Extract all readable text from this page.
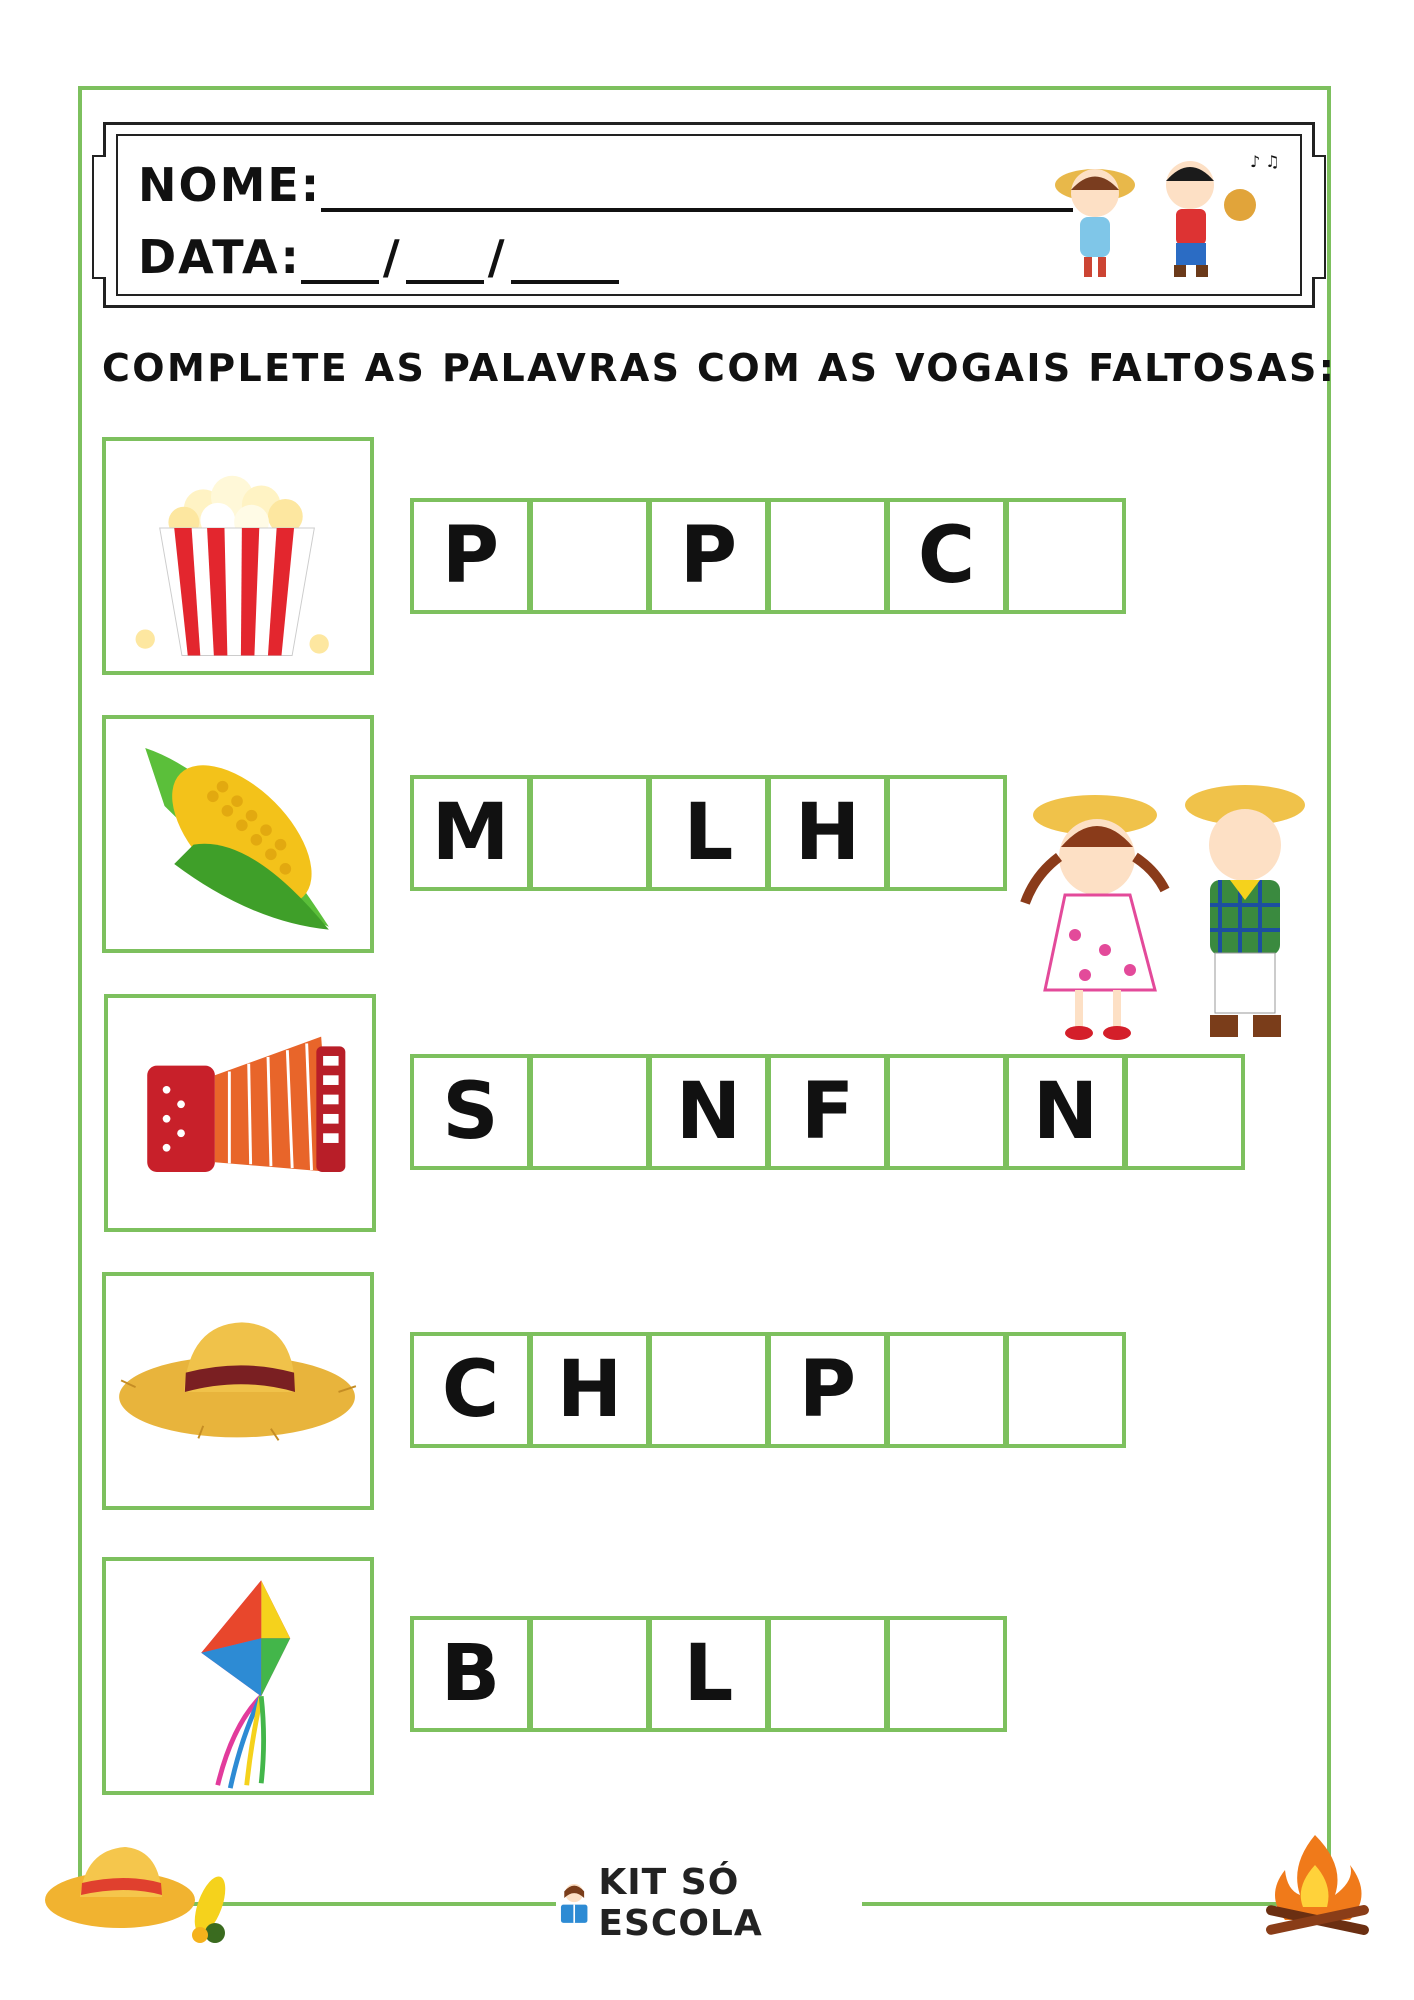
NOME:
DATA: / /
♪ ♫
COMPLETE AS PALAVRAS COM AS VOGAIS FALTOSAS:
P	P	C
M	L H
S	N F	N
C H	P
B	L
KIT SÓ ESCOLA
